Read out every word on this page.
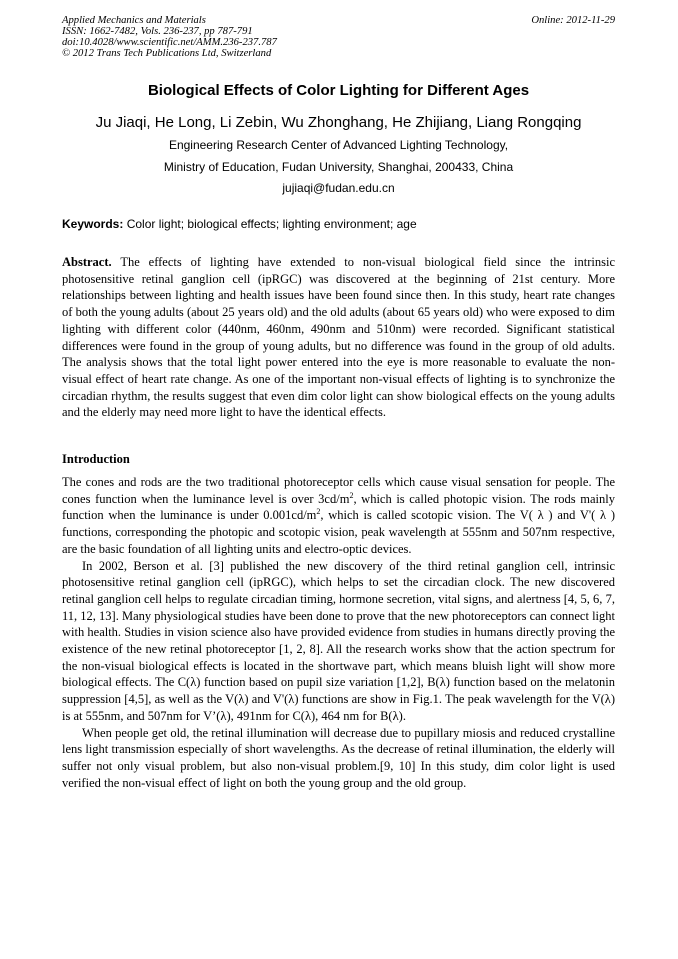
Applied Mechanics and Materials
ISSN: 1662-7482, Vols. 236-237, pp 787-791
doi:10.4028/www.scientific.net/AMM.236-237.787
© 2012 Trans Tech Publications Ltd, Switzerland
Online: 2012-11-29
Biological Effects of Color Lighting for Different Ages
Ju Jiaqi, He Long, Li Zebin, Wu Zhonghang, He Zhijiang, Liang Rongqing
Engineering Research Center of Advanced Lighting Technology,
Ministry of Education, Fudan University, Shanghai, 200433, China
jujiaqi@fudan.edu.cn
Keywords: Color light; biological effects; lighting environment; age
Abstract. The effects of lighting have extended to non-visual biological field since the intrinsic photosensitive retinal ganglion cell (ipRGC) was discovered at the beginning of 21st century. More relationships between lighting and health issues have been found since then. In this study, heart rate changes of both the young adults (about 25 years old) and the old adults (about 65 years old) who were exposed to dim lighting with different color (440nm, 460nm, 490nm and 510nm) were recorded. Significant statistical differences were found in the group of young adults, but no difference was found in the group of old adults. The analysis shows that the total light power entered into the eye is more reasonable to evaluate the non-visual effect of heart rate change. As one of the important non-visual effects of lighting is to synchronize the circadian rhythm, the results suggest that even dim color light can show biological effects on the young adults and the elderly may need more light to have the identical effects.
Introduction

The cones and rods are the two traditional photoreceptor cells which cause visual sensation for people. The cones function when the luminance level is over $3cd/m^2$, which is called photopic vision. The rods mainly function when the luminance is under $0.001cd/m^2$, which is called scotopic vision. The V( λ ) and V'( λ ) functions, corresponding the photopic and scotopic vision, peak wavelength at 555nm and 507nm respective, are the basic foundation of all lighting units and electro-optic devices.

In 2002, Berson et al. [3] published the new discovery of the third retinal ganglion cell, intrinsic photosensitive retinal ganglion cell (ipRGC), which helps to set the circadian clock. The new discovered retinal ganglion cell helps to regulate circadian timing, hormone secretion, vital signs, and alertness [4, 5, 6, 7, 11, 12, 13]. Many physiological studies have been done to prove that the new photoreceptors can connect light with health. Studies in vision science also have provided evidence from studies in humans directly proving the existence of the new retinal photoreceptor [1, 2, 8]. All the research works show that the action spectrum for the non-visual biological effects is located in the shortwave part, which means bluish light will show more biological effects. The C(λ) function based on pupil size variation [1,2], B(λ) function based on the melatonin suppression [4,5], as well as the V(λ) and V'(λ) functions are show in Fig.1. The peak wavelength for the V(λ) is at 555nm, and 507nm for V’(λ), 491nm for C(λ), 464 nm for B(λ).

When people get old, the retinal illumination will decrease due to pupillary miosis and reduced crystalline lens light transmission especially of short wavelengths. As the decrease of retinal illumination, the elderly will suffer not only visual problem, but also non-visual problem.[9, 10] In this study, dim color light is used verified the non-visual effect of light on both the young group and the old group.
